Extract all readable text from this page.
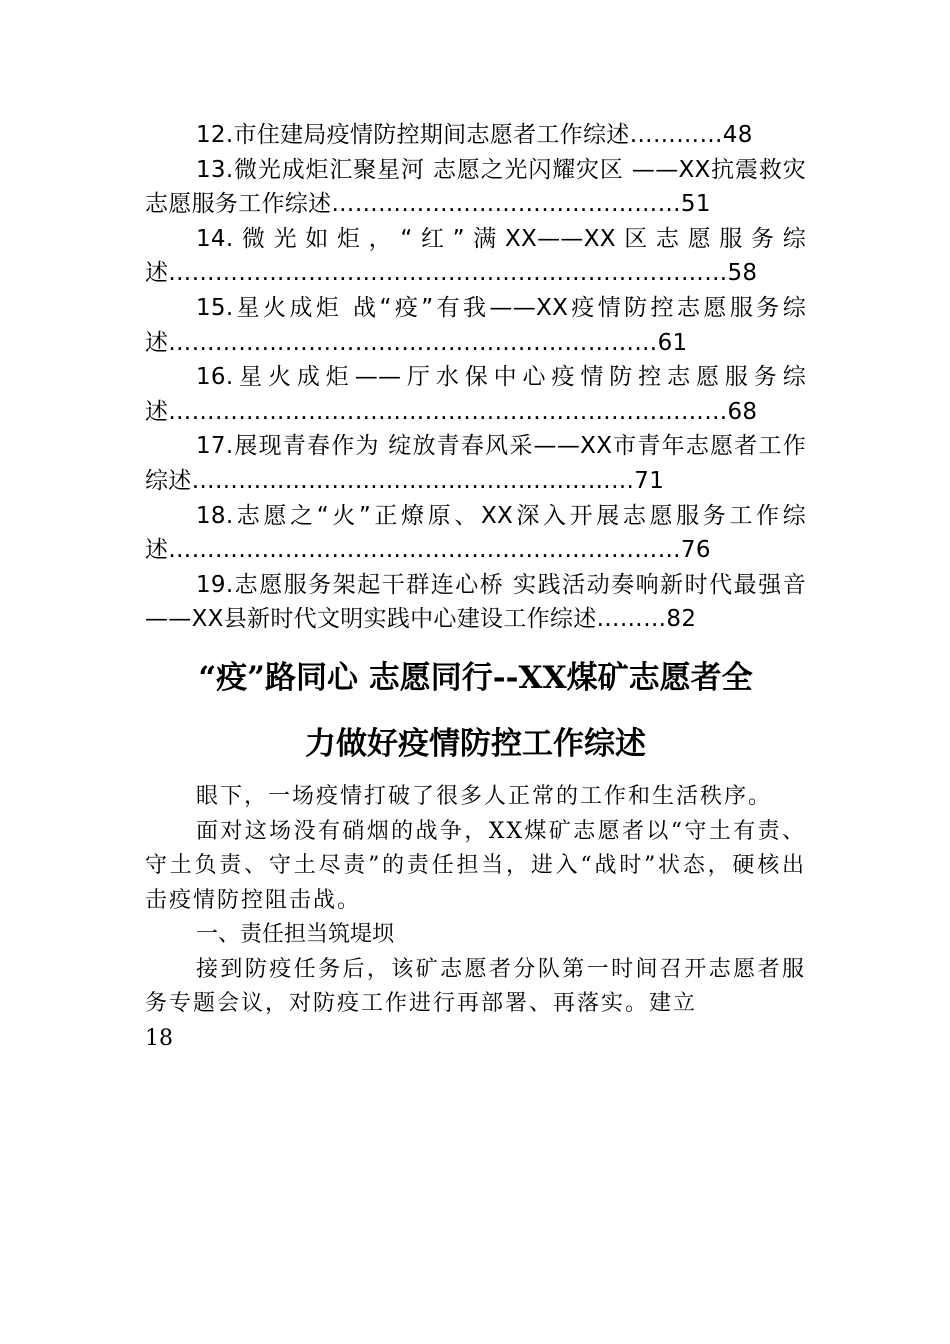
12.市住建局疫情防控期间志愿者工作综述…………48

13.微光成炬汇聚星河 志愿之光闪耀灾区 ——XX抗震救灾志愿服务工作综述………………………………………51

14.微光如炬，“红”满XX——XX区志愿服务综述………………………………………………………………58

15.星火成炬 战“疫”有我——XX疫情防控志愿服务综述………………………………………………………61

16.星火成炬——厅水保中心疫情防控志愿服务综述………………………………………………………………68

17.展现青春作为 绽放青春风采——XX市青年志愿者工作综述…………………………………………………71

18.志愿之“火”正燎原、XX深入开展志愿服务工作综述…………………………………………………………76

19.志愿服务架起干群连心桥 实践活动奏响新时代最强音 ——XX县新时代文明实践中心建设工作综述………82

“疫”路同心 志愿同行--XX煤矿志愿者全
力做好疫情防控工作综述

眼下，一场疫情打破了很多人正常的工作和生活秩序。

面对这场没有硝烟的战争，XX煤矿志愿者以“守土有责、守土负责、守土尽责”的责任担当，进入“战时”状态，硬核出击疫情防控阻击战。

一、责任担当筑堤坝

接到防疫任务后，该矿志愿者分队第一时间召开志愿者服务专题会议，对防疫工作进行再部署、再落实。建立

18
